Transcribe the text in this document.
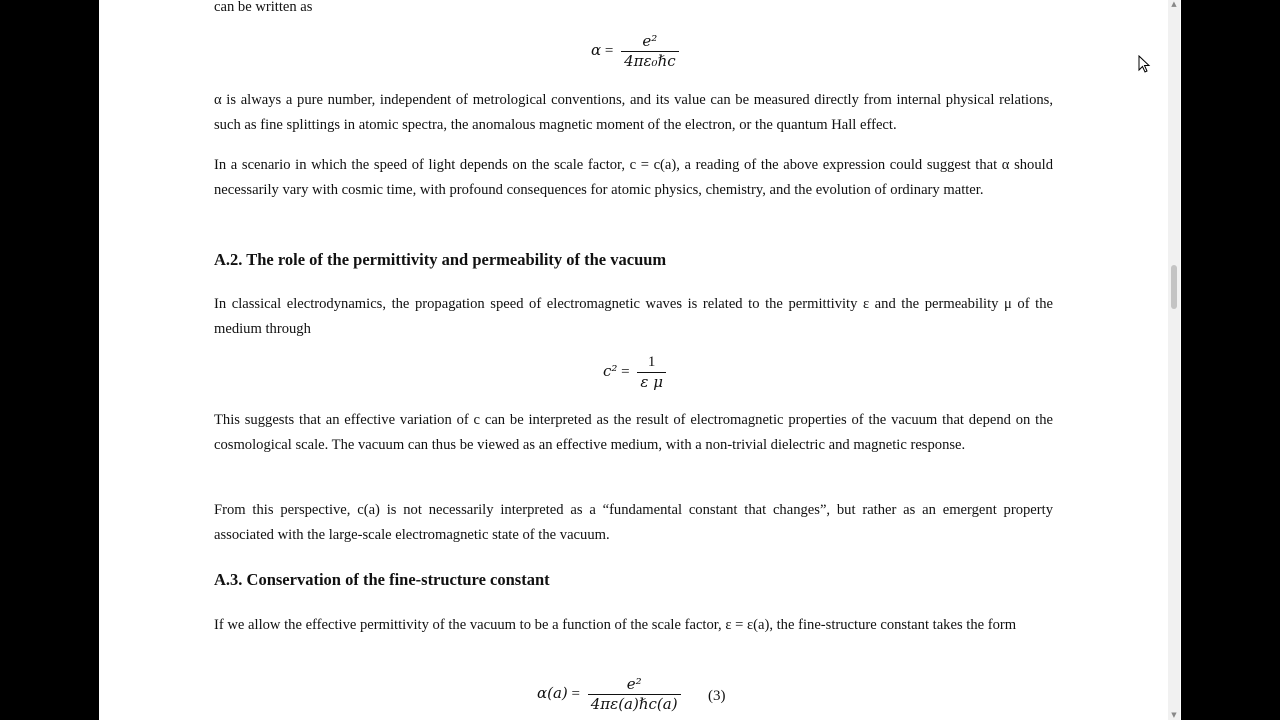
can be written as

$\alpha = \frac{\text{e²}}{\text{4πε₀ℏc}}$

α is always a pure number, independent of metrological conventions, and its value can be measured directly from internal physical relations, such as fine splittings in atomic spectra, the anomalous magnetic moment of the electron, or the quantum Hall effect.

In a scenario in which the speed of light depends on the scale factor, c = c(a), a reading of the above expression could suggest that α should necessarily vary with cosmic time, with profound consequences for atomic physics, chemistry, and the evolution of ordinary matter.

A.2. The role of the permittivity and permeability of the vacuum

In classical electrodynamics, the propagation speed of electromagnetic waves is related to the permittivity ε and the permeability μ of the medium through

$c^2 = \frac{1}{\text{ε μ}}$

This suggests that an effective variation of c can be interpreted as the result of electromagnetic properties of the vacuum that depend on the cosmological scale. The vacuum can thus be viewed as an effective medium, with a non-trivial dielectric and magnetic response.

From this perspective, c(a) is not necessarily interpreted as a “fundamental constant that changes”, but rather as an emergent property associated with the large-scale electromagnetic state of the vacuum.

A.3. Conservation of the fine-structure constant

If we allow the effective permittivity of the vacuum to be a function of the scale factor, ε = ε(a), the fine-structure constant takes the form

$\alpha(a) = \frac{\text{e²}}{\text{4πε(a)ℏc(a)}} (3)$
▲
▼
